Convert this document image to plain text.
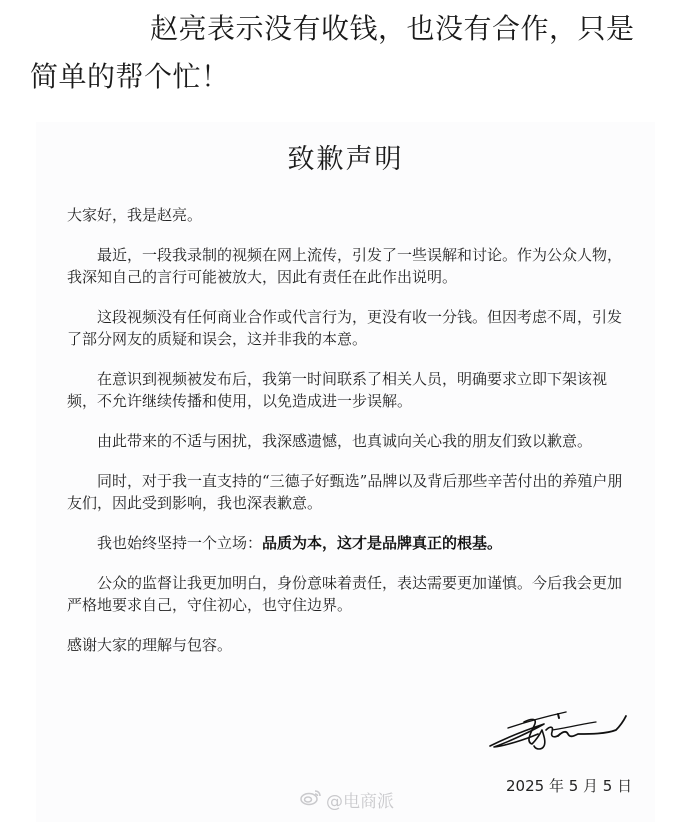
赵亮表示没有收钱，也没有合作，只是
简单的帮个忙！
致歉声明

大家好，我是赵亮。

最近，一段我录制的视频在网上流传，引发了一些误解和讨论。作为公众人物，我深知自己的言行可能被放大，因此有责任在此作出说明。

这段视频没有任何商业合作或代言行为，更没有收一分钱。但因考虑不周，引发了部分网友的质疑和误会，这并非我的本意。

在意识到视频被发布后，我第一时间联系了相关人员，明确要求立即下架该视频，不允许继续传播和使用，以免造成进一步误解。

由此带来的不适与困扰，我深感遗憾，也真诚向关心我的朋友们致以歉意。

同时，对于我一直支持的“三德子好甄选”品牌以及背后那些辛苦付出的养殖户朋友们，因此受到影响，我也深表歉意。

我也始终坚持一个立场：品质为本，这才是品牌真正的根基。

公众的监督让我更加明白，身份意味着责任，表达需要更加谨慎。今后我会更加严格地要求自己，守住初心，也守住边界。

感谢大家的理解与包容。

2025 年 5 月 5 日
@电商派
